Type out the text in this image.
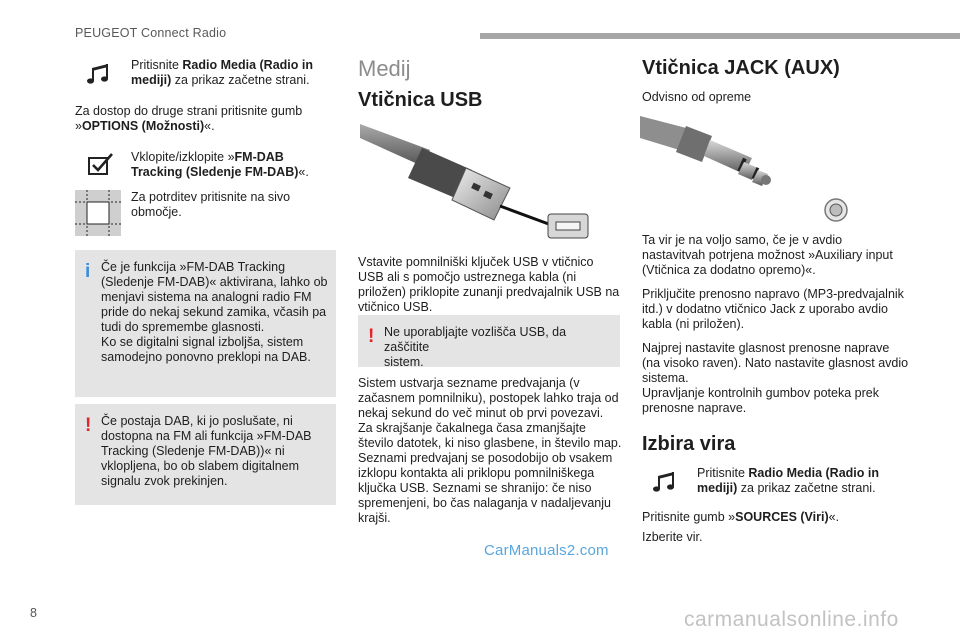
PEUGEOT Connect Radio
Pritisnite Radio Media (Radio in mediji) za prikaz začetne strani.
Za dostop do druge strani pritisnite gumb
»OPTIONS (Možnosti)«.
Vklopite/izklopite »FM-DAB Tracking (Sledenje FM-DAB)«.
Za potrditev pritisnite na sivo območje.
i Če je funkcija »FM-DAB Tracking
(Sledenje FM-DAB)« aktivirana, lahko ob
menjavi sistema na analogni radio FM
pride do nekaj sekund zamika, včasih pa
tudi do spremembe glasnosti.
Ko se digitalni signal izboljša, sistem
samodejno ponovno preklopi na DAB.
! Če postaja DAB, ki jo poslušate, ni
dostopna na FM ali funkcija »FM-DAB
Tracking (Sledenje FM-DAB))« ni
vklopljena, bo ob slabem digitalnem
signalu zvok prekinjen.
Medij
Vtičnica USB
Vstavite pomnilniški ključek USB v vtičnico
USB ali s pomočjo ustreznega kabla (ni
priložen) priklopite zunanji predvajalnik USB na
vtičnico USB.
! Ne uporabljajte vozlišča USB, da zaščitite
sistem.
Sistem ustvarja sezname predvajanja (v
začasnem pomnilniku), postopek lahko traja od
nekaj sekund do več minut ob prvi povezavi.
Za skrajšanje čakalnega časa zmanjšajte
število datotek, ki niso glasbene, in število map.
Seznami predvajanj se posodobijo ob vsakem
izklopu kontakta ali priklopu pomnilniškega
ključka USB. Seznami se shranijo: če niso
spremenjeni, bo čas nalaganja v nadaljevanju
krajši.
Vtičnica JACK (AUX)
Odvisno od opreme
Ta vir je na voljo samo, če je v avdio
nastavitvah potrjena možnost »Auxiliary input
(Vtičnica za dodatno opremo)«.
Priključite prenosno napravo (MP3-predvajalnik
itd.) v dodatno vtičnico Jack z uporabo avdio
kabla (ni priložen).
Najprej nastavite glasnost prenosne naprave
(na visoko raven). Nato nastavite glasnost avdio
sistema.
Upravljanje kontrolnih gumbov poteka prek
prenosne naprave.
Izbira vira
Pritisnite Radio Media (Radio in mediji) za prikaz začetne strani.
Pritisnite gumb »SOURCES (Viri)«.
Izberite vir.
8
CarManuals2.com
carmanualsonline.info
